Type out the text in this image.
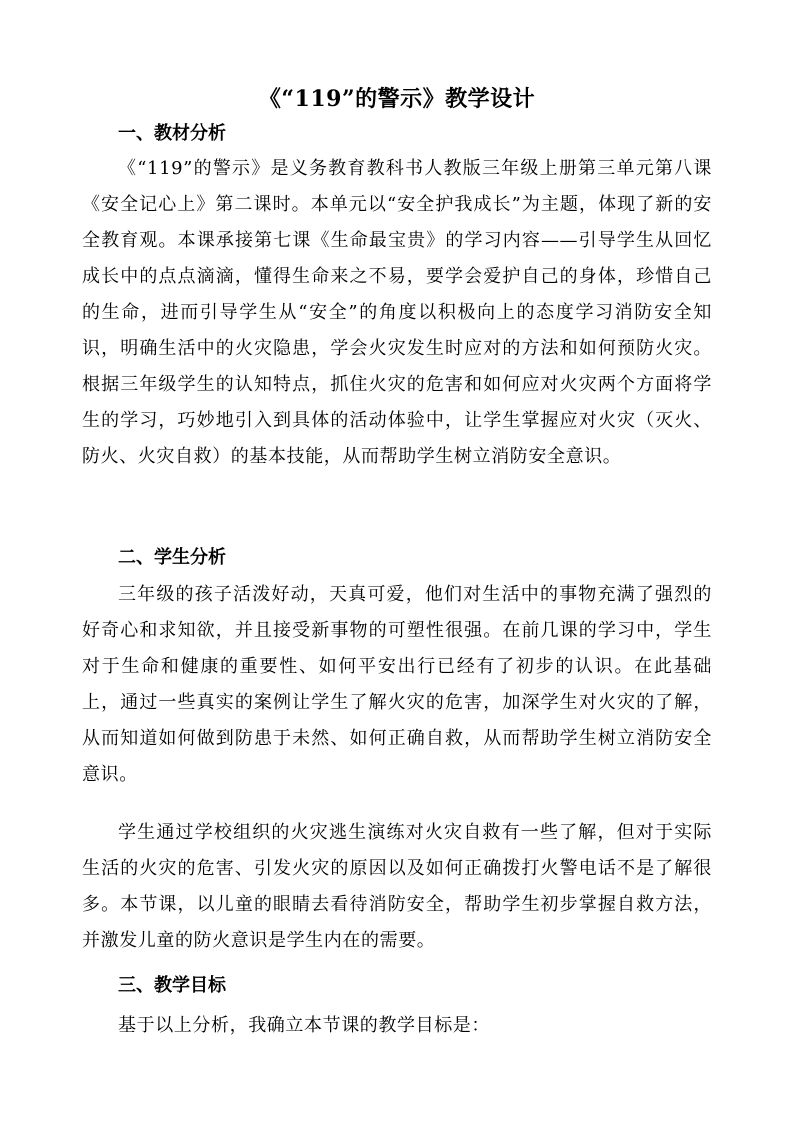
《“119”的警示》教学设计
一、教材分析
《“119”的警示》是义务教育教科书人教版三年级上册第三单元第八课《安全记心上》第二课时。本单元以“安全护我成长”为主题，体现了新的安全教育观。本课承接第七课《生命最宝贵》的学习内容——引导学生从回忆成长中的点点滴滴，懂得生命来之不易，要学会爱护自己的身体，珍惜自己的生命，进而引导学生从“安全”的角度以积极向上的态度学习消防安全知识，明确生活中的火灾隐患，学会火灾发生时应对的方法和如何预防火灾。根据三年级学生的认知特点，抓住火灾的危害和如何应对火灾两个方面将学生的学习，巧妙地引入到具体的活动体验中，让学生掌握应对火灾（灭火、防火、火灾自救）的基本技能，从而帮助学生树立消防安全意识。
二、学生分析
三年级的孩子活泼好动，天真可爱，他们对生活中的事物充满了强烈的好奇心和求知欲，并且接受新事物的可塑性很强。在前几课的学习中，学生对于生命和健康的重要性、如何平安出行已经有了初步的认识。在此基础上，通过一些真实的案例让学生了解火灾的危害，加深学生对火灾的了解，从而知道如何做到防患于未然、如何正确自救，从而帮助学生树立消防安全意识。
学生通过学校组织的火灾逃生演练对火灾自救有一些了解，但对于实际生活的火灾的危害、引发火灾的原因以及如何正确拨打火警电话不是了解很多。本节课，以儿童的眼睛去看待消防安全，帮助学生初步掌握自救方法，并激发儿童的防火意识是学生内在的需要。
三、教学目标
基于以上分析，我确立本节课的教学目标是：
